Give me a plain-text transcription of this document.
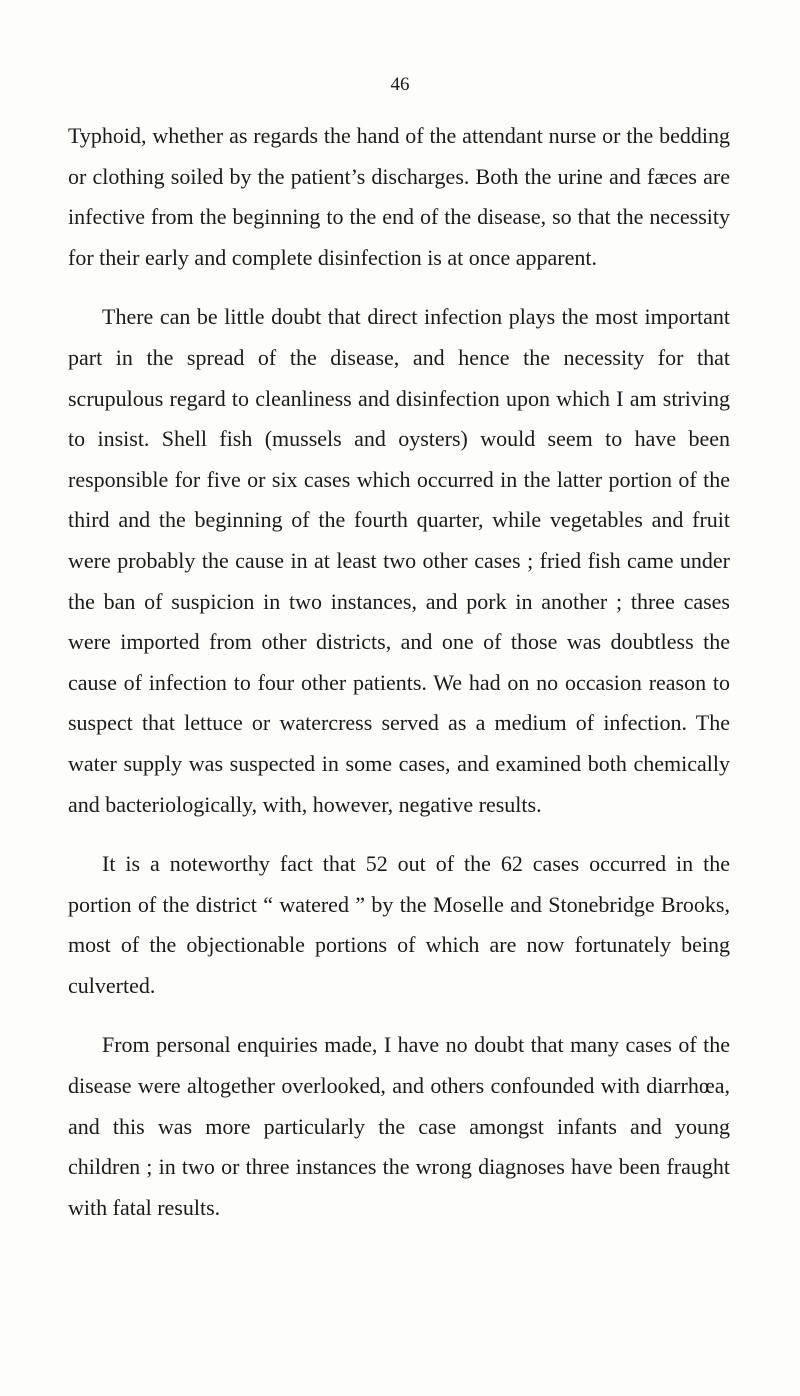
46

Typhoid, whether as regards the hand of the attendant nurse or the bedding or clothing soiled by the patient’s discharges. Both the urine and fæces are infective from the beginning to the end of the disease, so that the necessity for their early and complete disinfection is at once apparent.

There can be little doubt that direct infection plays the most important part in the spread of the disease, and hence the necessity for that scrupulous regard to cleanliness and disinfection upon which I am striving to insist. Shell fish (mussels and oysters) would seem to have been responsible for five or six cases which occurred in the latter portion of the third and the beginning of the fourth quarter, while vegetables and fruit were probably the cause in at least two other cases ; fried fish came under the ban of suspicion in two instances, and pork in another ; three cases were imported from other districts, and one of those was doubtless the cause of infection to four other patients. We had on no occasion reason to suspect that lettuce or watercress served as a medium of infection. The water supply was suspected in some cases, and examined both chemically and bacteriologically, with, however, negative results.

It is a noteworthy fact that 52 out of the 62 cases occurred in the portion of the district “ watered ” by the Moselle and Stonebridge Brooks, most of the objectionable portions of which are now fortunately being culverted.

From personal enquiries made, I have no doubt that many cases of the disease were altogether overlooked, and others confounded with diarrhœa, and this was more particularly the case amongst infants and young children ; in two or three instances the wrong diagnoses have been fraught with fatal results.
